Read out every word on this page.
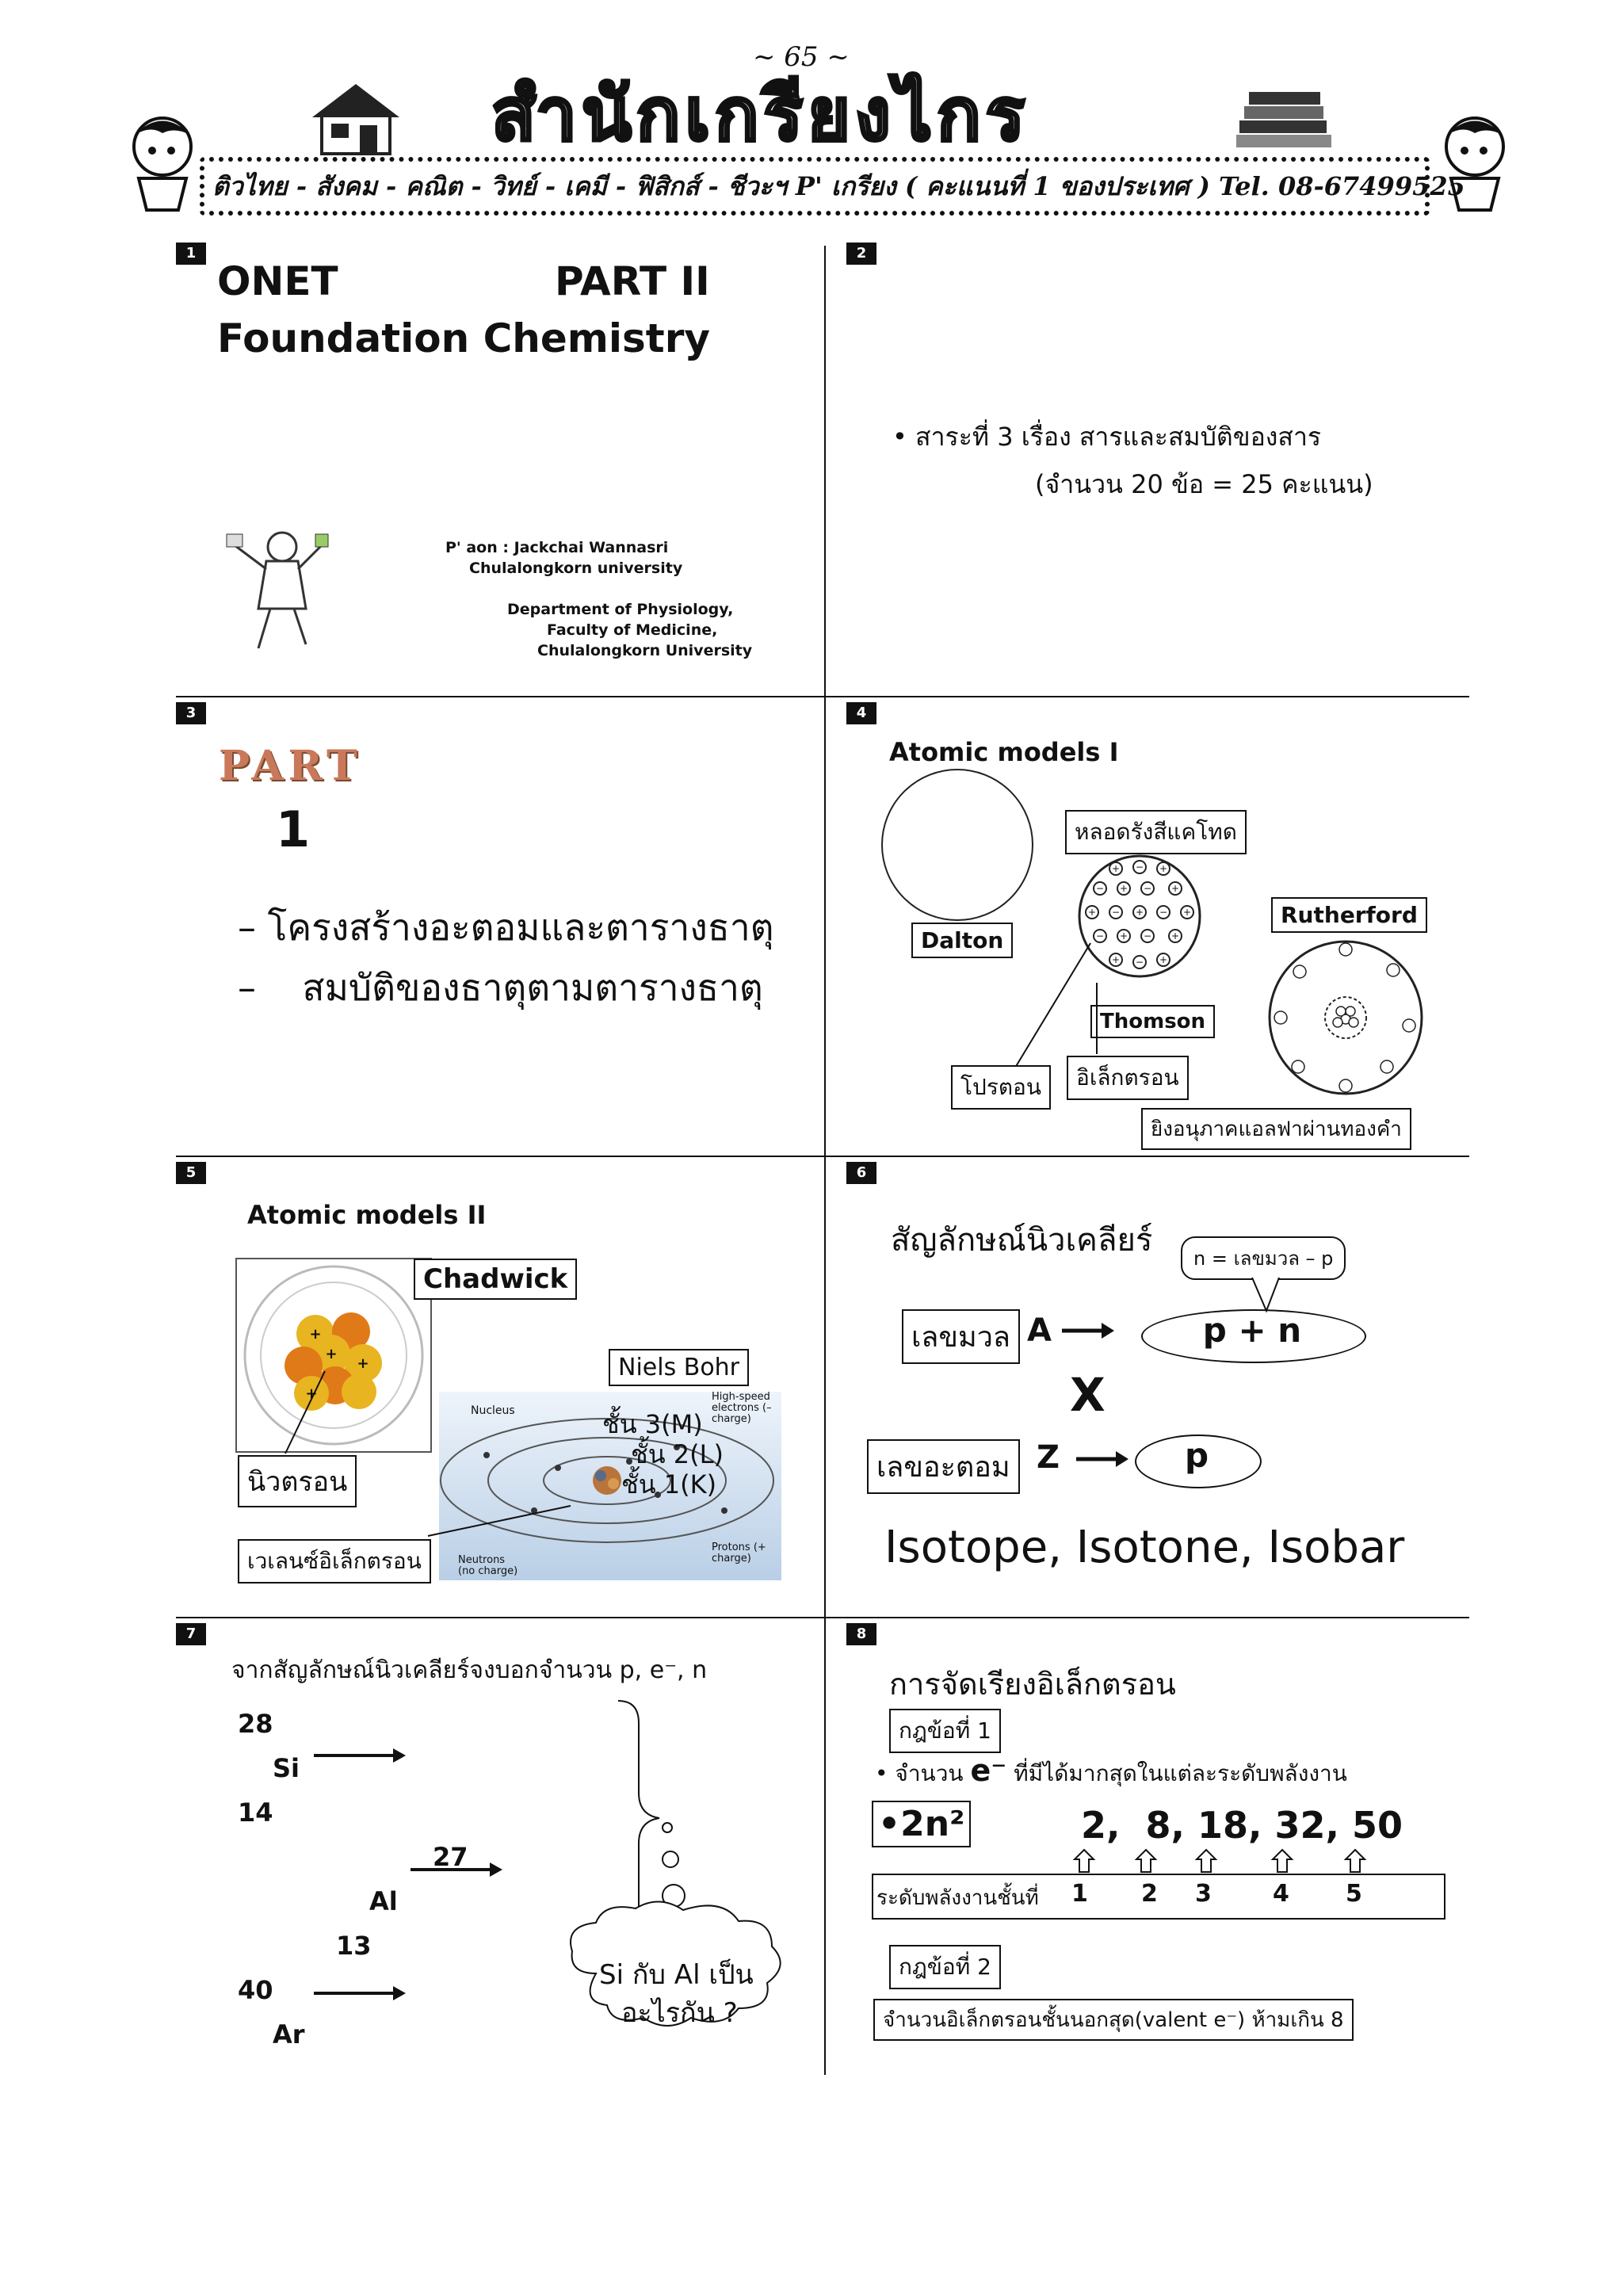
~ 65 ~
สำนักเกรียงไกร
ติวไทย - สังคม - คณิต - วิทย์ - เคมี - ฟิสิกส์ - ชีวะฯ P' เกรียง ( คะแนนที่ 1 ของประเทศ ) Tel. 08-67499525
1
ONET	PART II
Foundation Chemistry
P' aon : Jackchai Wannasri
Chulalongkorn university
Department of Physiology,
Faculty of Medicine,
Chulalongkorn University
2
• สาระที่ 3 เรื่อง สารและสมบัติของสาร
(จำนวน 20 ข้อ = 25 คะแนน)
3
PART
1
– โครงสร้างอะตอมและตารางธาตุ
–    สมบัติของธาตุตามตารางธาตุ
4
Atomic models I
Dalton
หลอดรังสีแคโทด
+ − +
− + − +
+ − + − +
− + − +
+ − +
Thomson
Rutherford
โปรตอน	อิเล็กตรอน
ยิงอนุภาคแอลฟาผ่านทองคำ
5
Atomic models II
+
+
+
+
Chadwick
Niels Bohr
Nucleus
High-speed electrons (– charge)
ชั้น 3(M)
ชั้น 2(L)
ชั้น 1(K)
Neutrons (no charge)
Protons (+ charge)
นิวตรอน
เวเลนซ์อิเล็กตรอน
6
สัญลักษณ์นิวเคลียร์	n = เลขมวล – p
เลขมวล A	p + n
X
เลขอะตอม Z	p
Isotope, Isotone, Isobar
7
จากสัญลักษณ์นิวเคลียร์จงบอกจำนวน p, e⁻, n
28
Si
14
27
Al
13
40
Ar
Si กับ Al เป็น
อะไรกัน ?
8
การจัดเรียงอิเล็กตรอน
กฎข้อที่ 1
• จำนวน e⁻ ที่มีได้มากสุดในแต่ละระดับพลังงาน
•2n²	2,  8, 18, 32, 50
ระดับพลังงานชั้นที่ 1 2 3	4 5
กฎข้อที่ 2
จำนวนอิเล็กตรอนชั้นนอกสุด(valent e⁻) ห้ามเกิน 8
